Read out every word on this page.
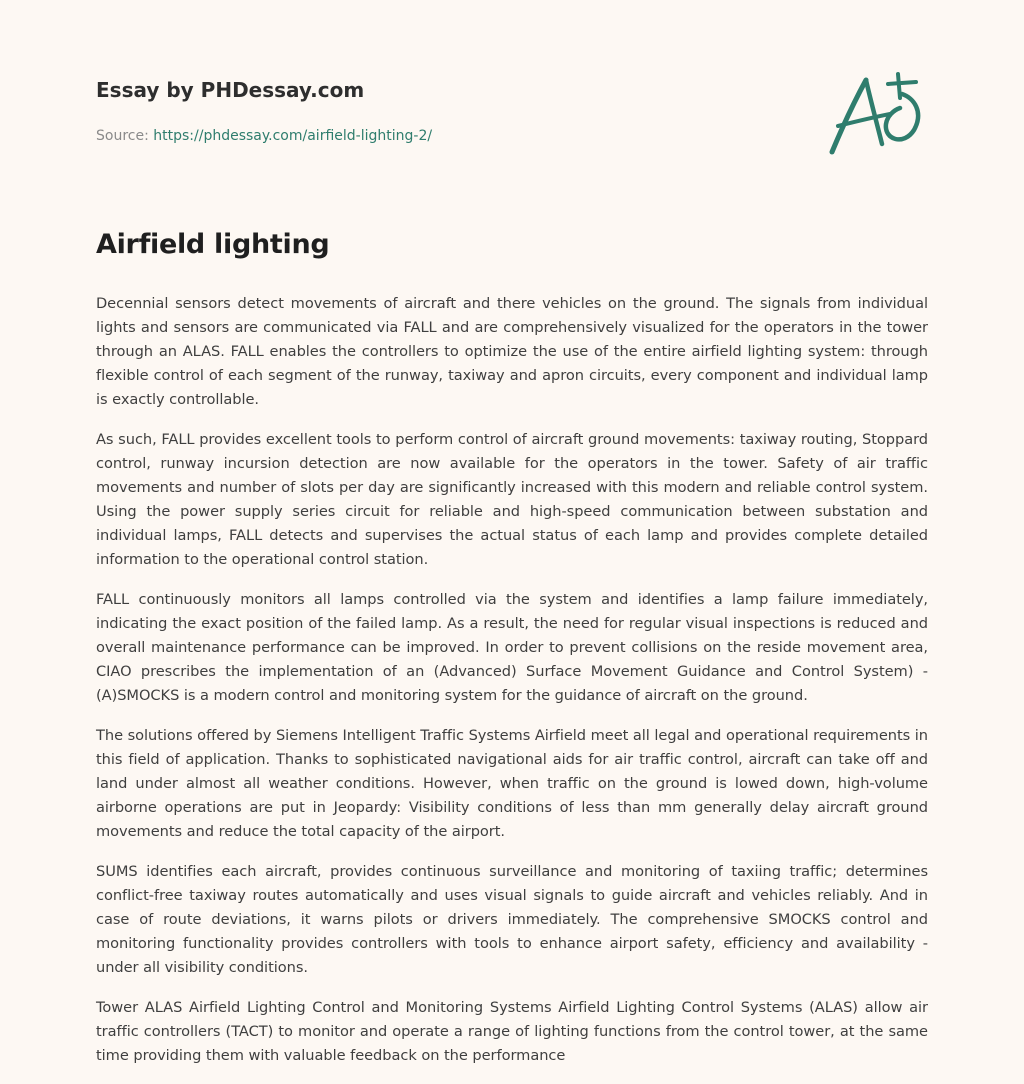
Essay by PHDessay.com
Source: https://phdessay.com/airfield-lighting-2/
Airfield lighting

Decennial sensors detect movements of aircraft and there vehicles on the ground. The signals from individual lights and sensors are communicated via FALL and are comprehensively visualized for the operators in the tower through an ALAS. FALL enables the controllers to optimize the use of the entire airfield lighting system: through flexible control of each segment of the runway, taxiway and apron circuits, every component and individual lamp is exactly controllable.

As such, FALL provides excellent tools to perform control of aircraft ground movements: taxiway routing, Stoppard control, runway incursion detection are now available for the operators in the tower. Safety of air traffic movements and number of slots per day are significantly increased with this modern and reliable control system. Using the power supply series circuit for reliable and high-speed communication between substation and individual lamps, FALL detects and supervises the actual status of each lamp and provides complete detailed information to the operational control station.

FALL continuously monitors all lamps controlled via the system and identifies a lamp failure immediately, indicating the exact position of the failed lamp. As a result, the need for regular visual inspections is reduced and overall maintenance performance can be improved. In order to prevent collisions on the reside movement area, CIAO prescribes the implementation of an (Advanced) Surface Movement Guidance and Control System) - (A)SMOCKS is a modern control and monitoring system for the guidance of aircraft on the ground.

The solutions offered by Siemens Intelligent Traffic Systems Airfield meet all legal and operational requirements in this field of application. Thanks to sophisticated navigational aids for air traffic control, aircraft can take off and land under almost all weather conditions. However, when traffic on the ground is lowed down, high-volume airborne operations are put in Jeopardy: Visibility conditions of less than mm generally delay aircraft ground movements and reduce the total capacity of the airport.

SUMS identifies each aircraft, provides continuous surveillance and monitoring of taxiing traffic; determines conflict-free taxiway routes automatically and uses visual signals to guide aircraft and vehicles reliably. And in case of route deviations, it warns pilots or drivers immediately. The comprehensive SMOCKS control and monitoring functionality provides controllers with tools to enhance airport safety, efficiency and availability - under all visibility conditions.

Tower ALAS Airfield Lighting Control and Monitoring Systems Airfield Lighting Control Systems (ALAS) allow air traffic controllers (TACT) to monitor and operate a range of lighting functions from the control tower, at the same time providing them with valuable feedback on the performance
